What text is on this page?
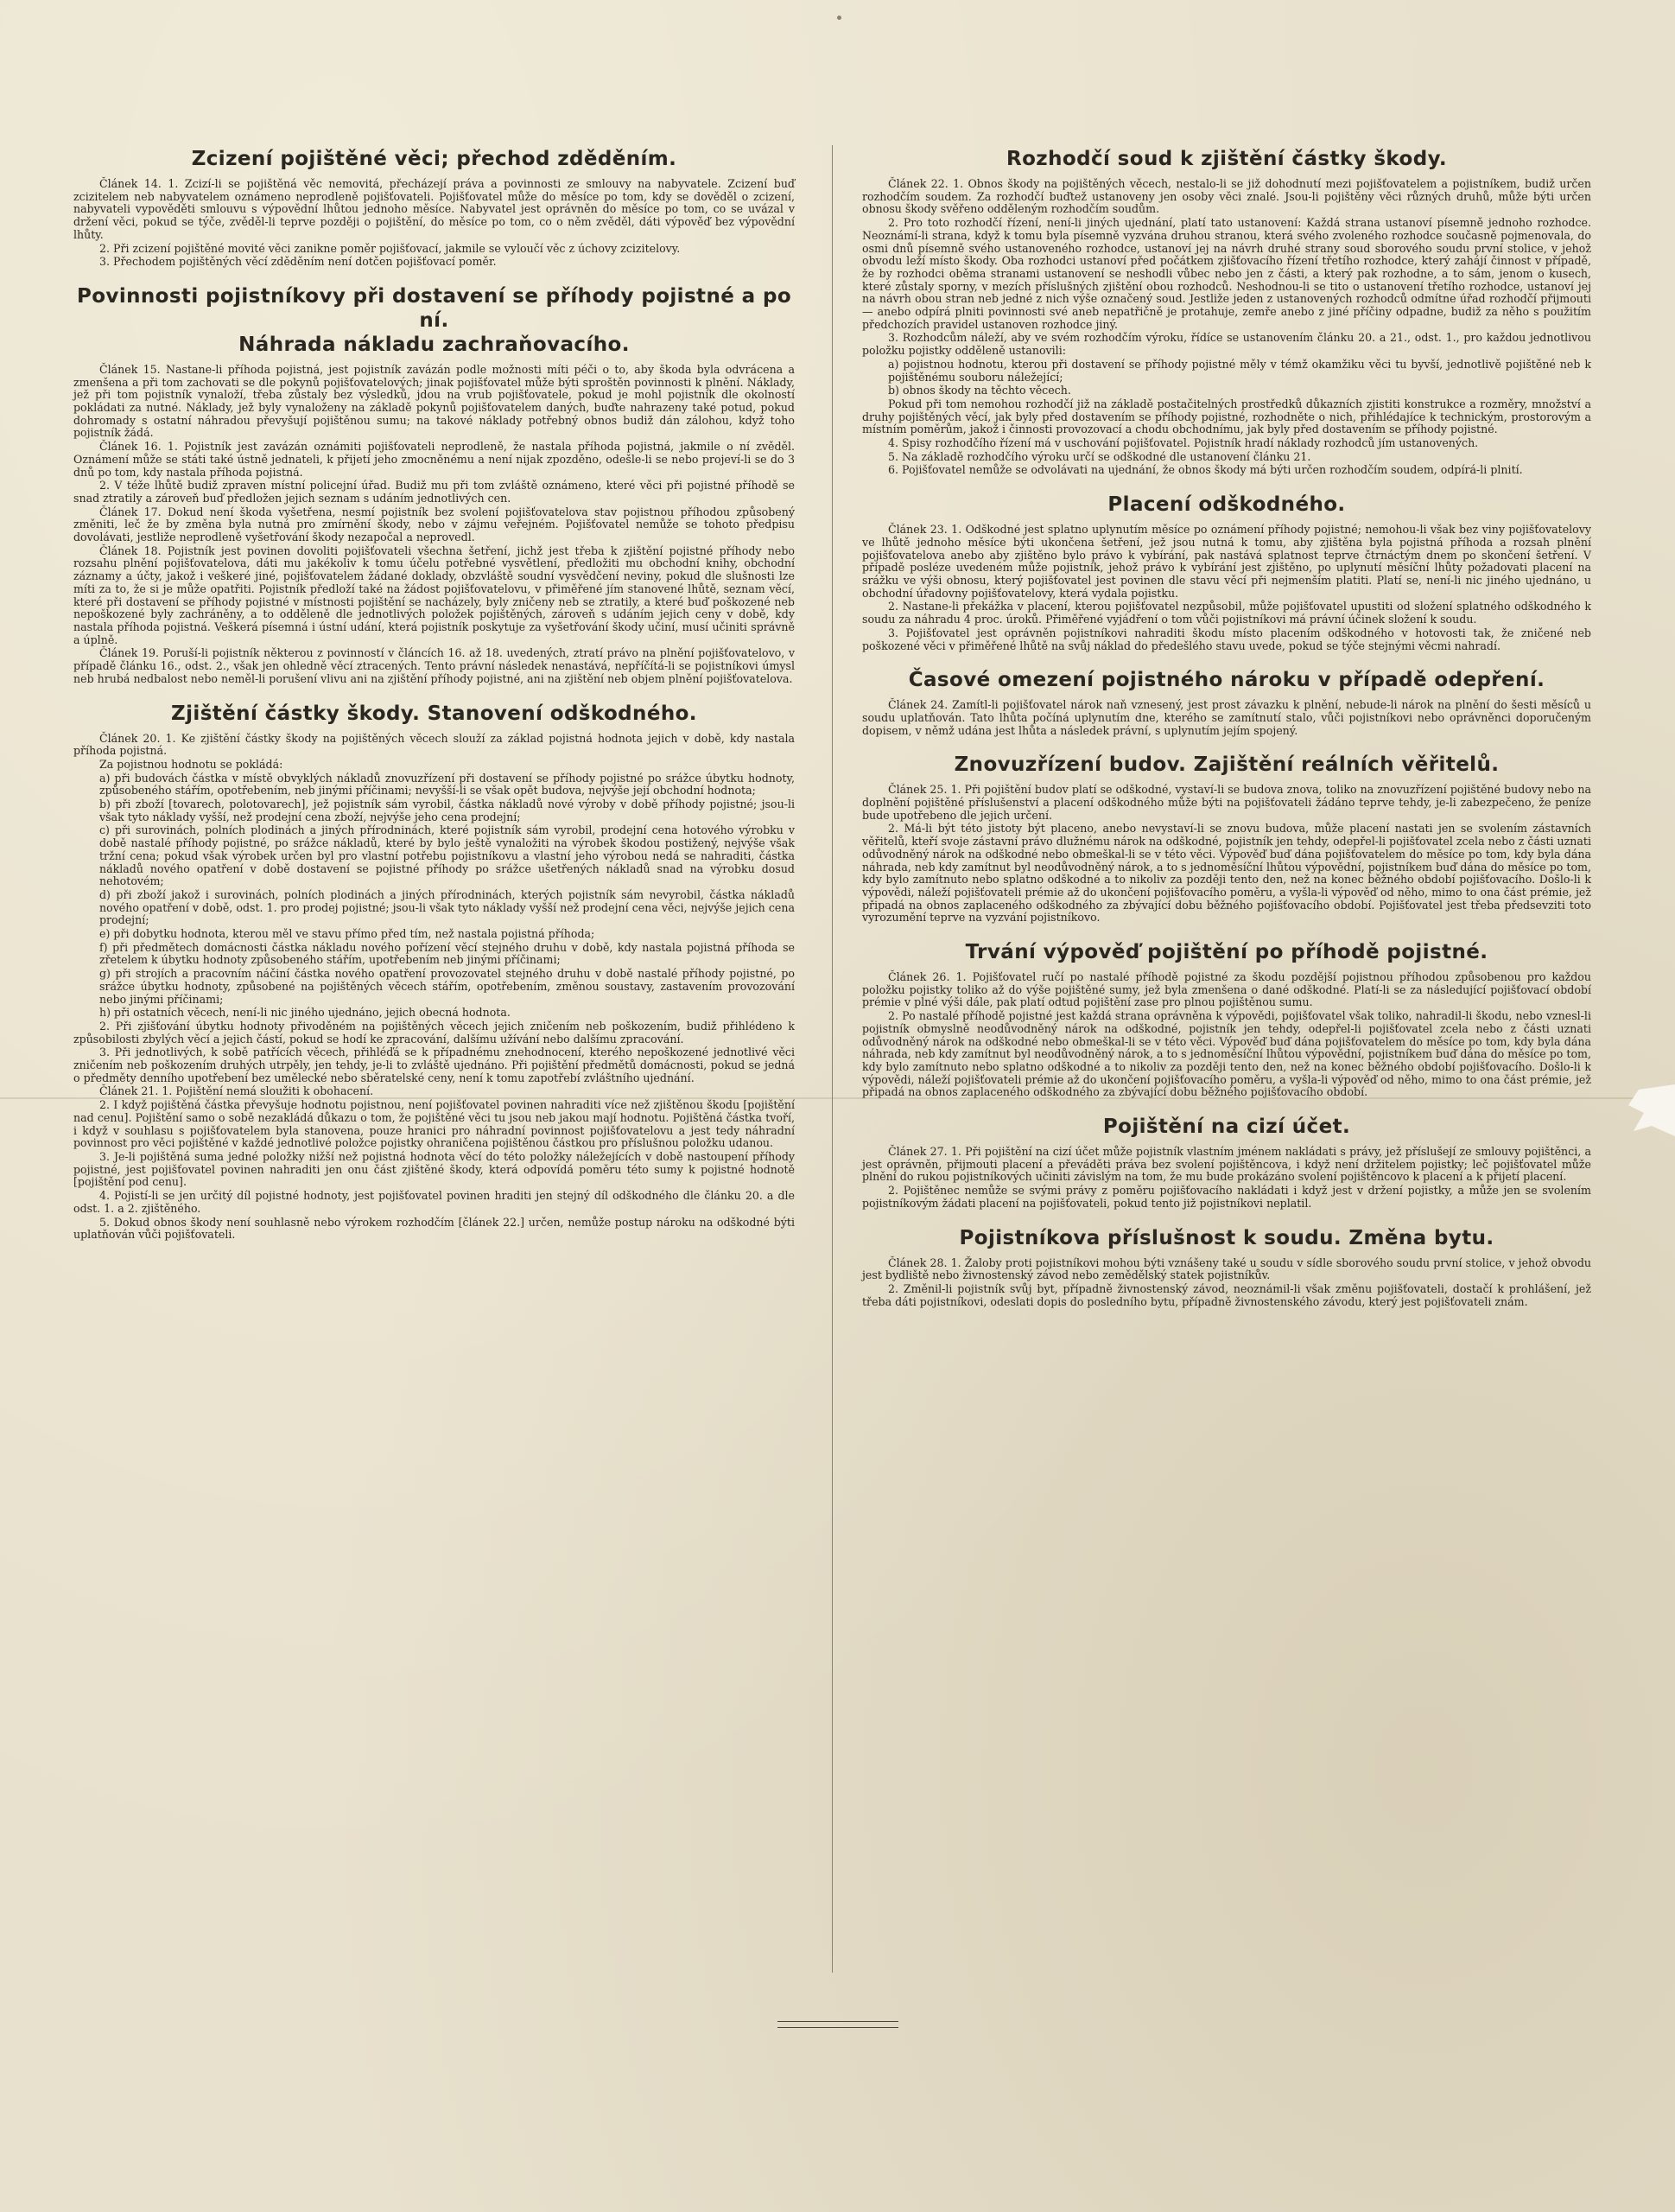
Zcizení pojištěné věci; přechod zděděním.

Článek 14. 1. Zcizí-li se pojištěná věc nemovitá, přecházejí práva a povinnosti ze smlouvy na nabyvatele. Zcizení buď zcizitelem neb nabyvatelem oznámeno neprodleně pojišťovateli. Pojišťovatel může do měsíce po tom, kdy se dověděl o zcizení, nabyvateli vypověděti smlouvu s výpovědní lhůtou jednoho měsíce. Nabyvatel jest oprávněn do měsíce po tom, co se uvázal v držení věci, pokud se týče, zvěděl-li teprve později o pojištění, do měsíce po tom, co o něm zvěděl, dáti výpověď bez výpovědní lhůty.

2. Při zcizení pojištěné movité věci zanikne poměr pojišťovací, jakmile se vyloučí věc z úchovy zcizitelovy.

3. Přechodem pojištěných věcí zděděním není dotčen pojišťovací poměr.

Povinnosti pojistníkovy při dostavení se příhody pojistné a po ní.
Náhrada nákladu zachraňovacího.

Článek 15. Nastane-li příhoda pojistná, jest pojistník zavázán podle možnosti míti péči o to, aby škoda byla odvrácena a zmenšena a při tom zachovati se dle pokynů pojišťovatelových; jinak pojišťovatel může býti sproštěn povinnosti k plnění. Náklady, jež při tom pojistník vynaloží, třeba zůstaly bez výsledků, jdou na vrub pojišťovatele, pokud je mohl pojistník dle okolností pokládati za nutné. Náklady, jež byly vynaloženy na základě pokynů pojišťovatelem daných, buďte nahrazeny také potud, pokud dohromady s ostatní náhradou převyšují pojištěnou sumu; na takové náklady potřebný obnos budiž dán zálohou, když toho pojistník žádá.

Článek 16. 1. Pojistník jest zavázán oznámiti pojišťovateli neprodleně, že nastala příhoda pojistná, jakmile o ní zvěděl. Oznámení může se státi také ústně jednateli, k přijetí jeho zmocněnému a není nijak zpozděno, odešle-li se nebo projeví-li se do 3 dnů po tom, kdy nastala příhoda pojistná.

2. V téže lhůtě budiž zpraven místní policejní úřad. Budiž mu při tom zvláště oznámeno, které věci při pojistné příhodě se snad ztratily a zároveň buď předložen jejich seznam s udáním jednotlivých cen.

Článek 17. Dokud není škoda vyšetřena, nesmí pojistník bez svolení pojišťovatelova stav pojistnou příhodou způsobený změniti, leč že by změna byla nutná pro zmírnění škody, nebo v zájmu veřejném. Pojišťovatel nemůže se tohoto předpisu dovolávati, jestliže neprodleně vyšetřování škody nezapočal a neprovedl.

Článek 18. Pojistník jest povinen dovoliti pojišťovateli všechna šetření, jichž jest třeba k zjištění pojistné příhody nebo rozsahu plnění pojišťovatelova, dáti mu jakékoliv k tomu účelu potřebné vysvětlení, předložiti mu obchodní knihy, obchodní záznamy a účty, jakož i veškeré jiné, pojišťovatelem žádané doklady, obzvláště soudní vysvědčení neviny, pokud dle slušnosti lze míti za to, že si je může opatřiti. Pojistník předloží také na žádost pojišťovatelovu, v přiměřené jím stanovené lhůtě, seznam věcí, které při dostavení se příhody pojistné v místnosti pojištění se nacházely, byly zničeny neb se ztratily, a které buď poškozené neb nepoškozené byly zachráněny, a to odděleně dle jednotlivých položek pojištěných, zároveň s udáním jejich ceny v době, kdy nastala příhoda pojistná. Veškerá písemná i ústní udání, která pojistník poskytuje za vyšetřování škody učiní, musí učiniti správně a úplně.

Článek 19. Poruší-li pojistník některou z povinností v článcích 16. až 18. uvedených, ztratí právo na plnění pojišťovatelovo, v případě článku 16., odst. 2., však jen ohledně věcí ztracených. Tento právní následek nenastává, nepříčítá-li se pojistníkovi úmysl neb hrubá nedbalost nebo neměl-li porušení vlivu ani na zjištění příhody pojistné, ani na zjištění neb objem plnění pojišťovatelova.

Zjištění částky škody. Stanovení odškodného.

Článek 20. 1. Ke zjištění částky škody na pojištěných věcech slouží za základ pojistná hodnota jejich v době, kdy nastala příhoda pojistná.

Za pojistnou hodnotu se pokládá:

a) při budovách částka v místě obvyklých nákladů znovuzřízení při dostavení se příhody pojistné po srážce úbytku hodnoty, způsobeného stářím, opotřebením, neb jinými příčinami; nevyšší-li se však opět budova, nejvýše její obchodní hodnota;

b) při zboží [tovarech, polotovarech], jež pojistník sám vyrobil, částka nákladů nové výroby v době příhody pojistné; jsou-li však tyto náklady vyšší, než prodejní cena zboží, nejvýše jeho cena prodejní;

c) při surovinách, polních plodinách a jiných přírodninách, které pojistník sám vyrobil, prodejní cena hotového výrobku v době nastalé příhody pojistné, po srážce nákladů, které by bylo ještě vynaložiti na výrobek škodou postižený, nejvýše však tržní cena; pokud však výrobek určen byl pro vlastní potřebu pojistníkovu a vlastní jeho výrobou nedá se nahraditi, částka nákladů nového opatření v době dostavení se pojistné příhody po srážce ušetřených nákladů snad na výrobku dosud nehotovém;

d) při zboží jakož i surovinách, polních plodinách a jiných přírodninách, kterých pojistník sám nevyrobil, částka nákladů nového opatření v době, odst. 1. pro prodej pojistné; jsou-li však tyto náklady vyšší než prodejní cena věci, nejvýše jejich cena prodejní;

e) při dobytku hodnota, kterou měl ve stavu přímo před tím, než nastala pojistná příhoda;

f) při předmětech domácnosti částka nákladu nového pořízení věcí stejného druhu v době, kdy nastala pojistná příhoda se zřetelem k úbytku hodnoty způsobeného stářím, upotřebením neb jinými příčinami;

g) při strojích a pracovním náčiní částka nového opatření provozovatel stejného druhu v době nastalé příhody pojistné, po srážce úbytku hodnoty, způsobené na pojištěných věcech stářím, opotřebením, změnou soustavy, zastavením provozování nebo jinými příčinami;

h) při ostatních věcech, není-li nic jiného ujednáno, jejich obecná hodnota.

2. Při zjišťování úbytku hodnoty přivoděném na pojištěných věcech jejich zničením neb poškozením, budiž přihlédeno k způsobilosti zbylých věcí a jejich částí, pokud se hodí ke zpracování, dalšímu užívání nebo dalšímu zpracování.

3. Při jednotlivých, k sobě patřících věcech, přihléďá se k případnému znehodnocení, kterého nepoškozené jednotlivé věci zničením neb poškozením druhých utrpěly, jen tehdy, je-li to zvláště ujednáno. Při pojištění předmětů domácnosti, pokud se jedná o předměty denního upotřebení bez umělecké nebo sběratelské ceny, není k tomu zapotřebí zvláštního ujednání.

Článek 21. 1. Pojištění nemá sloužiti k obohacení.

2. I když pojištěná částka převyšuje hodnotu pojistnou, není pojišťovatel povinen nahraditi více než zjištěnou škodu [pojištění nad cenu]. Pojištění samo o sobě nezakládá důkazu o tom, že pojištěné věci tu jsou neb jakou mají hodnotu. Pojištěná částka tvoří, i když v souhlasu s pojišťovatelem byla stanovena, pouze hranici pro náhradní povinnost pojišťovatelovu a jest tedy náhradní povinnost pro věci pojištěné v každé jednotlivé položce pojistky ohraničena pojištěnou částkou pro příslušnou položku udanou.

3. Je-li pojištěná suma jedné položky nižší než pojistná hodnota věcí do této položky náležejících v době nastoupení příhody pojistné, jest pojišťovatel povinen nahraditi jen onu část zjištěné škody, která odpovídá poměru této sumy k pojistné hodnotě [pojištění pod cenu].

4. Pojistí-li se jen určitý díl pojistné hodnoty, jest pojišťovatel povinen hraditi jen stejný díl odškodného dle článku 20. a dle odst. 1. a 2. zjištěného.

5. Dokud obnos škody není souhlasně nebo výrokem rozhodčím [článek 22.] určen, nemůže postup nároku na odškodné býti uplatňován vůči pojišťovateli.

Rozhodčí soud k zjištění částky škody.

Článek 22. 1. Obnos škody na pojištěných věcech, nestalo-li se již dohodnutí mezi pojišťovatelem a pojistníkem, budiž určen rozhodčím soudem. Za rozhodčí buďtež ustanoveny jen osoby věci znalé. Jsou-li pojištěny věci různých druhů, může býti určen obnosu škody svěřeno odděleným rozhodčím soudům.

2. Pro toto rozhodčí řízení, není-li jiných ujednání, platí tato ustanovení: Každá strana ustanoví písemně jednoho rozhodce. Neoznámí-li strana, když k tomu byla písemně vyzvána druhou stranou, která svého zvoleného rozhodce současně pojmenovala, do osmi dnů písemně svého ustanoveného rozhodce, ustanoví jej na návrh druhé strany soud sborového soudu první stolice, v jehož obvodu leží místo škody. Oba rozhodci ustanoví před počátkem zjišťovacího řízení třetího rozhodce, který zahájí činnost v případě, že by rozhodci oběma stranami ustanovení se neshodli vůbec nebo jen z části, a který pak rozhodne, a to sám, jenom o kusech, které zůstaly sporny, v mezích příslušných zjištění obou rozhodců. Neshodnou-li se tito o ustanovení třetího rozhodce, ustanoví jej na návrh obou stran neb jedné z nich výše označený soud. Jestliže jeden z ustanovených rozhodců odmítne úřad rozhodčí přijmouti — anebo odpírá plniti povinnosti své aneb nepatřičně je protahuje, zemře anebo z jiné příčiny odpadne, budiž za něho s použitím předchozích pravidel ustanoven rozhodce jiný.

3. Rozhodcům náleží, aby ve svém rozhodčím výroku, řídíce se ustanovením článku 20. a 21., odst. 1., pro každou jednotlivou položku pojistky odděleně ustanovili:

a) pojistnou hodnotu, kterou při dostavení se příhody pojistné měly v témž okamžiku věci tu byvší, jednotlivě pojištěné neb k pojištěnému souboru náležející;

b) obnos škody na těchto věcech.

Pokud při tom nemohou rozhodčí již na základě postačitelných prostředků důkazních zjistiti konstrukce a rozměry, množství a druhy pojištěných věcí, jak byly před dostavením se příhody pojistné, rozhodněte o nich, přihlédajíce k technickým, prostorovým a místním poměrům, jakož i činnosti provozovací a chodu obchodnímu, jak byly před dostavením se příhody pojistné.

4. Spisy rozhodčího řízení má v uschování pojišťovatel. Pojistník hradí náklady rozhodců jím ustanovených.

5. Na základě rozhodčího výroku určí se odškodné dle ustanovení článku 21.

6. Pojišťovatel nemůže se odvolávati na ujednání, že obnos škody má býti určen rozhodčím soudem, odpírá-li plnití.

Placení odškodného.

Článek 23. 1. Odškodné jest splatno uplynutím měsíce po oznámení příhody pojistné; nemohou-li však bez viny pojišťovatelovy ve lhůtě jednoho měsíce býti ukončena šetření, jež jsou nutná k tomu, aby zjištěna byla pojistná příhoda a rozsah plnění pojišťovatelova anebo aby zjištěno bylo právo k vybírání, pak nastává splatnost teprve čtrnáctým dnem po skončení šetření. V případě posléze uvedeném může pojistník, jehož právo k vybírání jest zjištěno, po uplynutí měsíční lhůty požadovati placení na srážku ve výši obnosu, který pojišťovatel jest povinen dle stavu věcí při nejmenším platiti. Platí se, není-li nic jiného ujednáno, u obchodní úřadovny pojišťovatelovy, která vydala pojistku.

2. Nastane-li překážka v placení, kterou pojišťovatel nezpůsobil, může pojišťovatel upustiti od složení splatného odškodného k soudu za náhradu 4 proc. úroků. Přiměřené vyjádření o tom vůči pojistníkovi má právní účinek složení k soudu.

3. Pojišťovatel jest oprávněn pojistníkovi nahraditi škodu místo placením odškodného v hotovosti tak, že zničené neb poškozené věci v přiměřené lhůtě na svůj náklad do předešlého stavu uvede, pokud se týče stejnými věcmi nahradí.

Časové omezení pojistného nároku v případě odepření.

Článek 24. Zamítl-li pojišťovatel nárok naň vznesený, jest prost závazku k plnění, nebude-li nárok na plnění do šesti měsíců u soudu uplatňován. Tato lhůta počíná uplynutím dne, kterého se zamítnutí stalo, vůči pojistníkovi nebo oprávněnci doporučeným dopisem, v němž udána jest lhůta a následek právní, s uplynutím jejím spojený.

Znovuzřízení budov. Zajištění reálních věřitelů.

Článek 25. 1. Při pojištění budov platí se odškodné, vystaví-li se budova znova, toliko na znovuzřízení pojištěné budovy nebo na doplnění pojištěné příslušenství a placení odškodného může býti na pojišťovateli žádáno teprve tehdy, je-li zabezpečeno, že peníze bude upotřebeno dle jejich určení.

2. Má-li být této jistoty být placeno, anebo nevystaví-li se znovu budova, může placení nastati jen se svolením zástavních věřitelů, kteří svoje zástavní právo dlužnému nárok na odškodné, pojistník jen tehdy, odepřel-li pojišťovatel zcela nebo z části uznati odůvodněný nárok na odškodné nebo obmeškal-li se v této věci. Výpověď buď dána pojišťovatelem do měsíce po tom, kdy byla dána náhrada, neb kdy zamítnut byl neodůvodněný nárok, a to s jednoměsíční lhůtou výpovědní, pojistníkem buď dána do měsíce po tom, kdy bylo zamítnuto nebo splatno odškodné a to nikoliv za později tento den, než na konec běžného období pojišťovacího. Došlo-li k výpovědi, náleží pojišťovateli prémie až do ukončení pojišťovacího poměru, a vyšla-li výpověď od něho, mimo to ona část prémie, jež připadá na obnos zaplaceného odškodného za zbývající dobu běžného pojišťovacího období. Pojišťovatel jest třeba předsevziti toto vyrozumění teprve na vyzvání pojistníkovo.

Trvání výpověď pojištění po příhodě pojistné.

Článek 26. 1. Pojišťovatel ručí po nastalé příhodě pojistné za škodu pozdější pojistnou příhodou způsobenou pro každou položku pojistky toliko až do výše pojištěné sumy, jež byla zmenšena o dané odškodné. Platí-li se za následující pojišťovací období prémie v plné výši dále, pak platí odtud pojištění zase pro plnou pojištěnou sumu.

2. Po nastalé příhodě pojistné jest každá strana oprávněna k výpovědi, pojišťovatel však toliko, nahradil-li škodu, nebo vznesl-li pojistník obmyslně neodůvodněný nárok na odškodné, pojistník jen tehdy, odepřel-li pojišťovatel zcela nebo z části uznati odůvodněný nárok na odškodné nebo obmeškal-li se v této věci. Výpověď buď dána pojišťovatelem do měsíce po tom, kdy byla dána náhrada, neb kdy zamítnut byl neodůvodněný nárok, a to s jednoměsíční lhůtou výpovědní, pojistníkem buď dána do měsíce po tom, kdy bylo zamítnuto nebo splatno odškodné a to nikoliv za později tento den, než na konec běžného období pojišťovacího. Došlo-li k výpovědi, náleží pojišťovateli prémie až do ukončení pojišťovacího poměru, a vyšla-li výpověď od něho, mimo to ona část prémie, jež připadá na obnos zaplaceného odškodného za zbývající dobu běžného pojišťovacího období.

Pojištění na cizí účet.

Článek 27. 1. Při pojištění na cizí účet může pojistník vlastním jménem nakládati s právy, jež příslušejí ze smlouvy pojištěnci, a jest oprávněn, přijmouti placení a převáděti práva bez svolení pojištěncova, i když není držitelem pojistky; leč pojišťovatel může plnění do rukou pojistníkových učiniti závislým na tom, že mu bude prokázáno svolení pojištěncovo k placení a k přijetí placení.

2. Pojištěnec nemůže se svými právy z poměru pojišťovacího nakládati i když jest v držení pojistky, a může jen se svolením pojistníkovým žádati placení na pojišťovateli, pokud tento již pojistníkovi neplatil.

Pojistníkova příslušnost k soudu. Změna bytu.

Článek 28. 1. Žaloby proti pojistníkovi mohou býti vznášeny také u soudu v sídle sborového soudu první stolice, v jehož obvodu jest bydliště nebo živnostenský závod nebo zemědělský statek pojistníkův.

2. Změnil-li pojistník svůj byt, případně živnostenský závod, neoznámil-li však změnu pojišťovateli, dostačí k prohlášení, jež třeba dáti pojistníkovi, odeslati dopis do posledního bytu, případně živnostenského závodu, který jest pojišťovateli znám.
